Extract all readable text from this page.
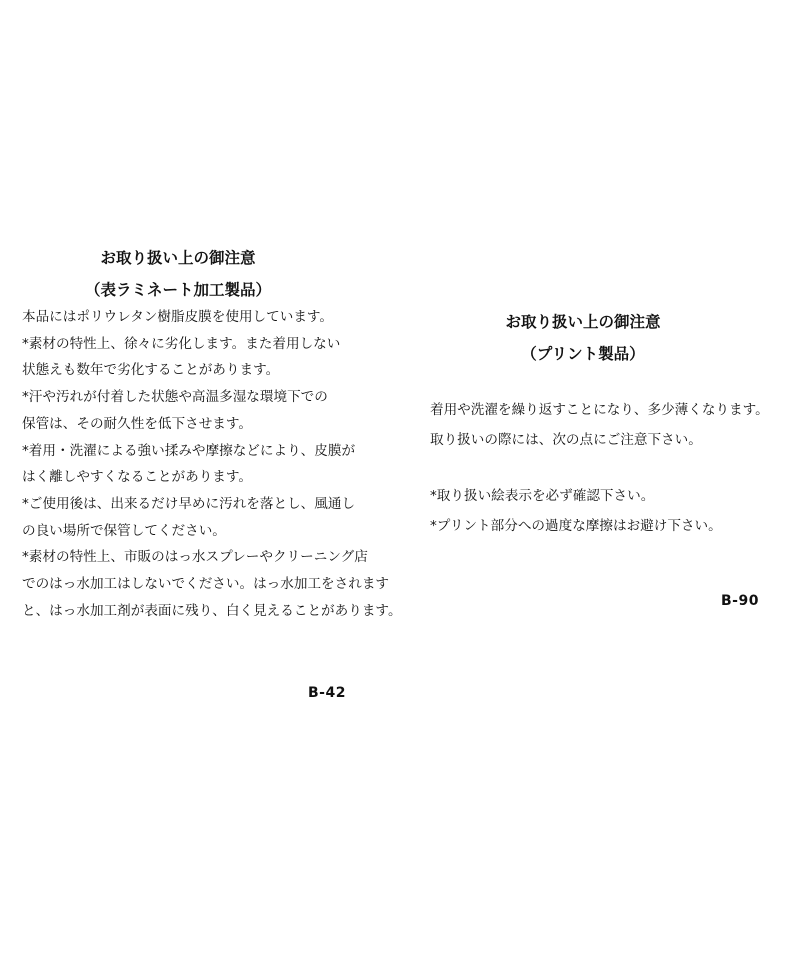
お取り扱い上の御注意

（表ラミネート加工製品）

本品にはポリウレタン樹脂皮膜を使用しています。

*素材の特性上、徐々に劣化します。また着用しない

状態えも数年で劣化することがあります。

*汗や汚れが付着した状態や高温多湿な環境下での

保管は、その耐久性を低下させます。

*着用・洗濯による強い揉みや摩擦などにより、皮膜が

はく離しやすくなることがあります。

*ご使用後は、出来るだけ早めに汚れを落とし、風通し

の良い場所で保管してください。

*素材の特性上、市販のはっ水スプレーやクリーニング店

でのはっ水加工はしないでください。はっ水加工をされます

と、はっ水加工剤が表面に残り、白く見えることがあります。

B-42

お取り扱い上の御注意

（プリント製品）

着用や洗濯を繰り返すことになり、多少薄くなります。

取り扱いの際には、次の点にご注意下さい。

*取り扱い絵表示を必ず確認下さい。

*プリント部分への過度な摩擦はお避け下さい。

B-90
